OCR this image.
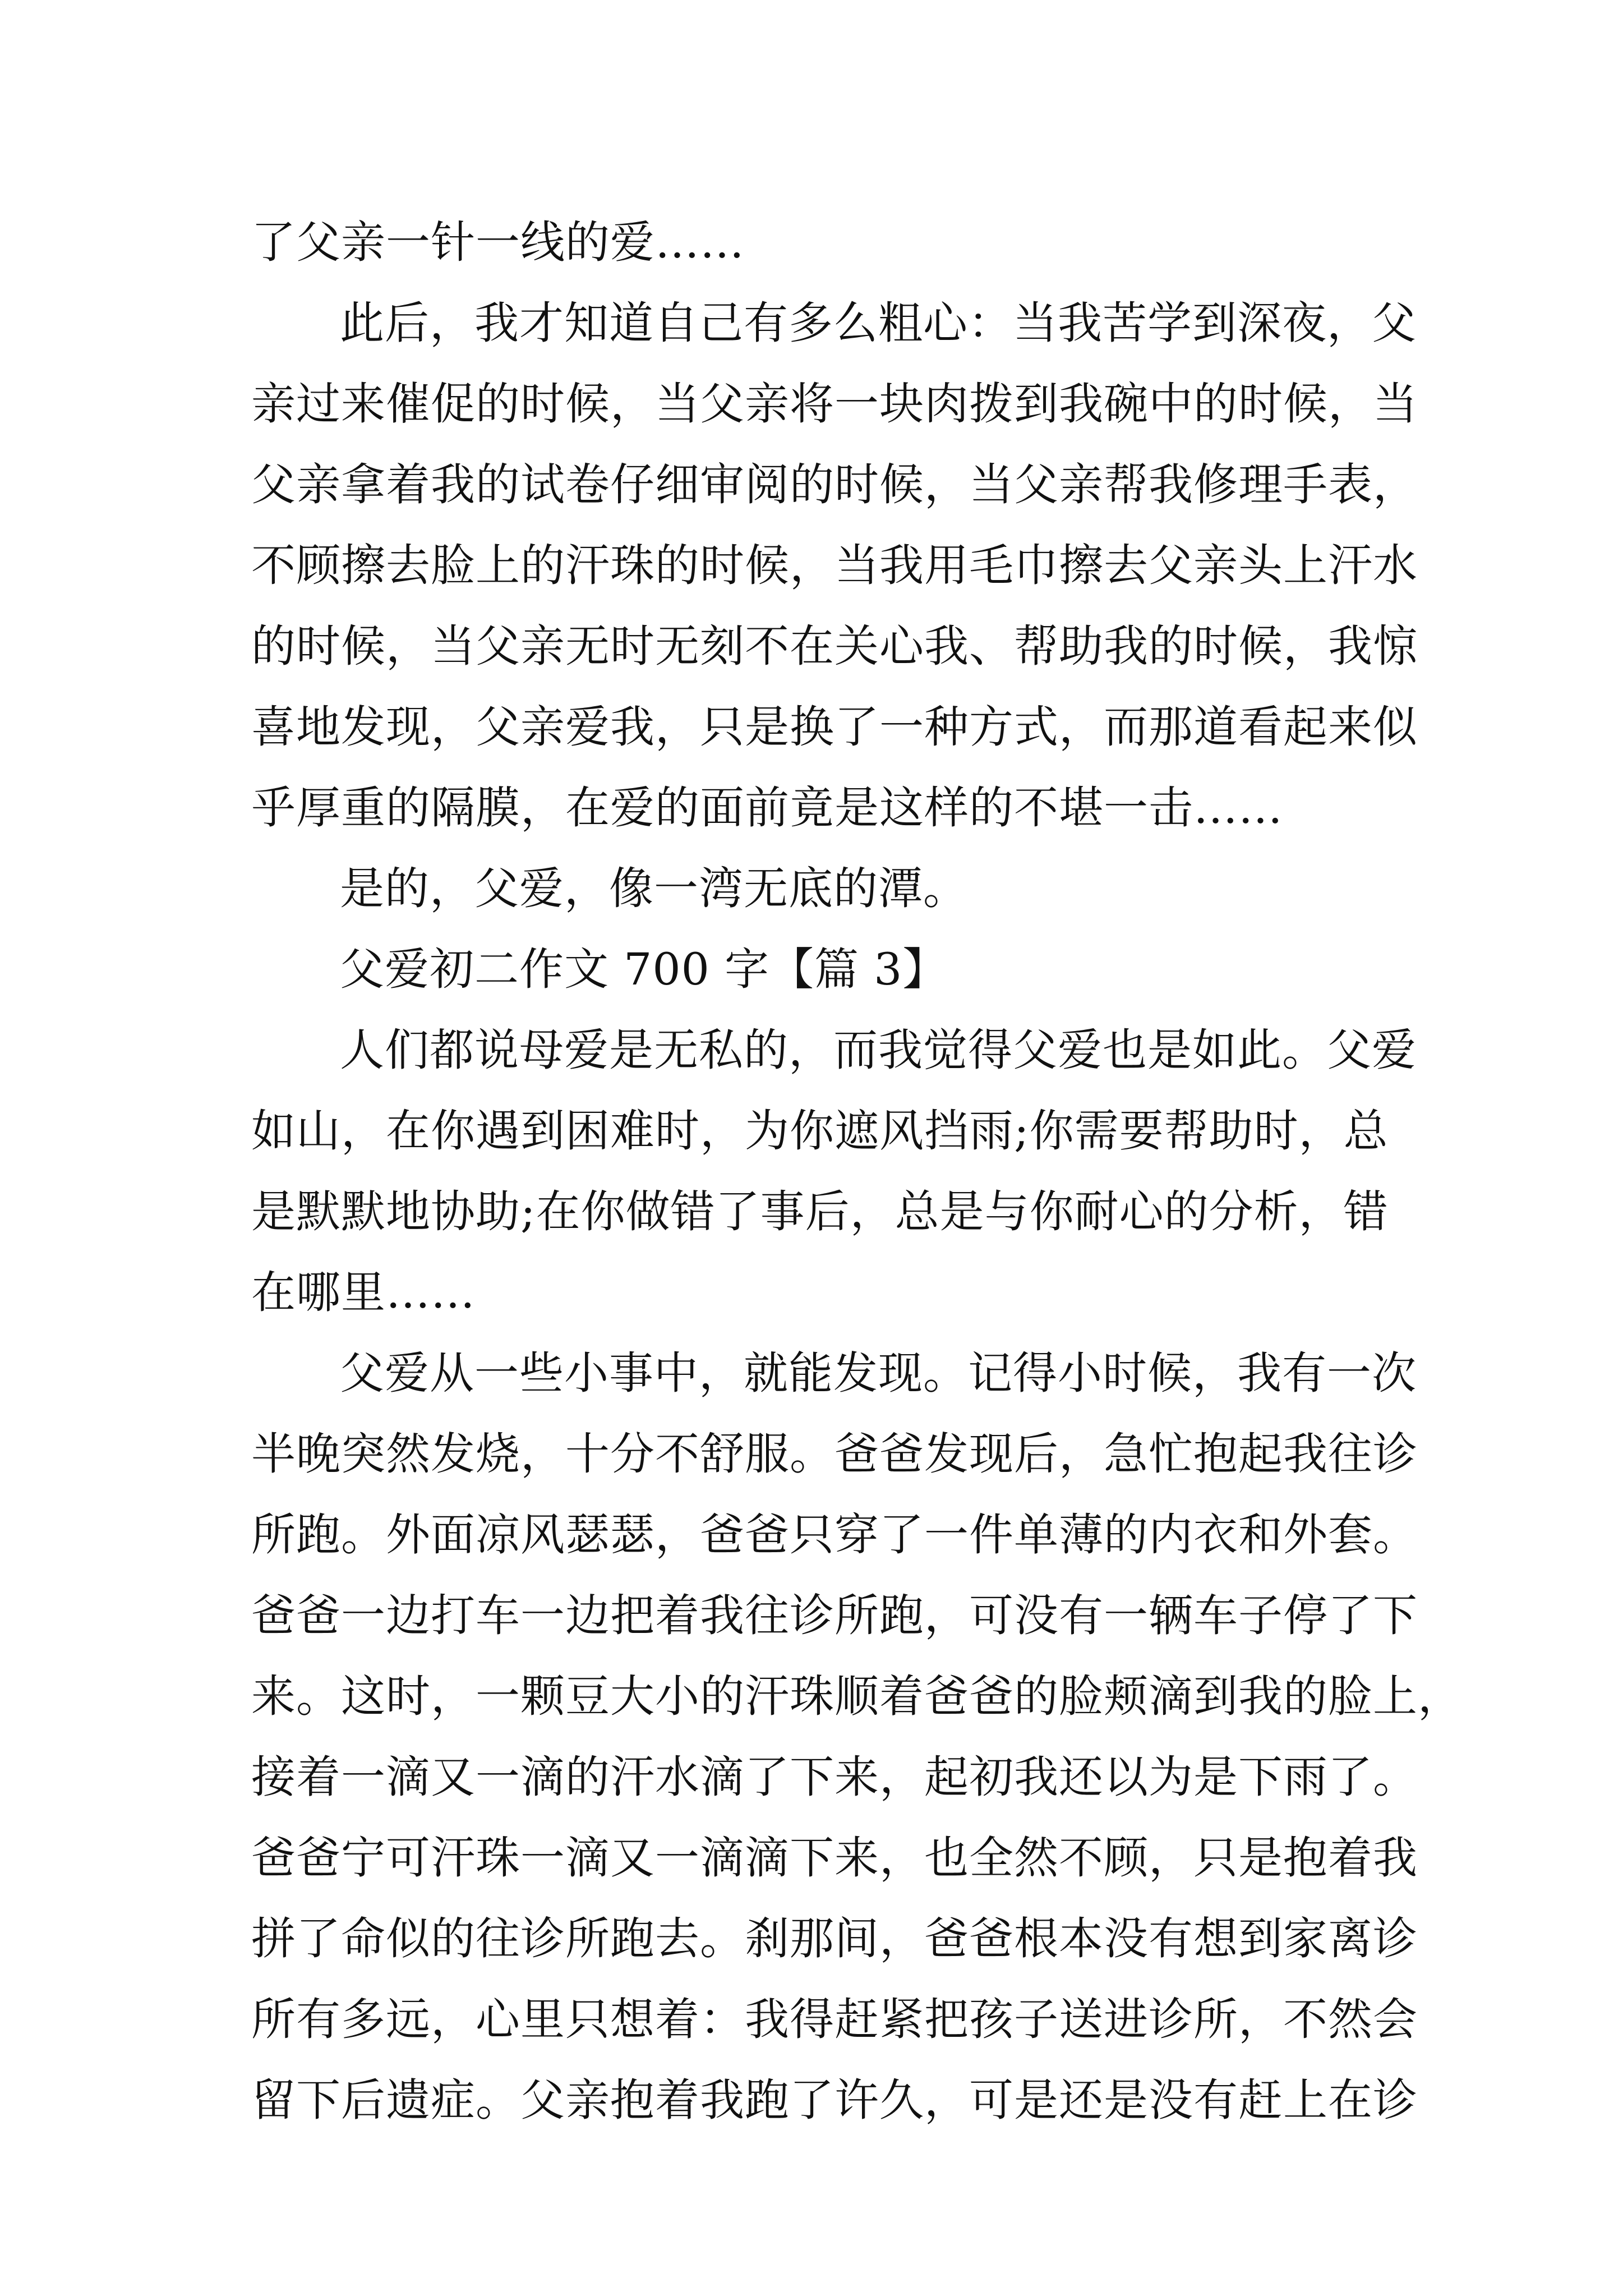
了父亲一针一线的爱……
此后，我才知道自己有多么粗心：当我苦学到深夜，父
亲过来催促的时候，当父亲将一块肉拨到我碗中的时候，当
父亲拿着我的试卷仔细审阅的时候，当父亲帮我修理手表，
不顾擦去脸上的汗珠的时候，当我用毛巾擦去父亲头上汗水
的时候，当父亲无时无刻不在关心我、帮助我的时候，我惊
喜地发现，父亲爱我，只是换了一种方式，而那道看起来似
乎厚重的隔膜，在爱的面前竟是这样的不堪一击……
是的，父爱，像一湾无底的潭。
父爱初二作文 700 字【篇 3】
人们都说母爱是无私的，而我觉得父爱也是如此。父爱
如山，在你遇到困难时，为你遮风挡雨;你需要帮助时，总
是默默地协助;在你做错了事后，总是与你耐心的分析，错
在哪里……
父爱从一些小事中，就能发现。记得小时候，我有一次
半晚突然发烧，十分不舒服。爸爸发现后，急忙抱起我往诊
所跑。外面凉风瑟瑟，爸爸只穿了一件单薄的内衣和外套。
爸爸一边打车一边把着我往诊所跑，可没有一辆车子停了下
来。这时，一颗豆大小的汗珠顺着爸爸的脸颊滴到我的脸上，
接着一滴又一滴的汗水滴了下来，起初我还以为是下雨了。
爸爸宁可汗珠一滴又一滴滴下来，也全然不顾，只是抱着我
拼了命似的往诊所跑去。刹那间，爸爸根本没有想到家离诊
所有多远，心里只想着：我得赶紧把孩子送进诊所，不然会
留下后遗症。父亲抱着我跑了许久，可是还是没有赶上在诊
